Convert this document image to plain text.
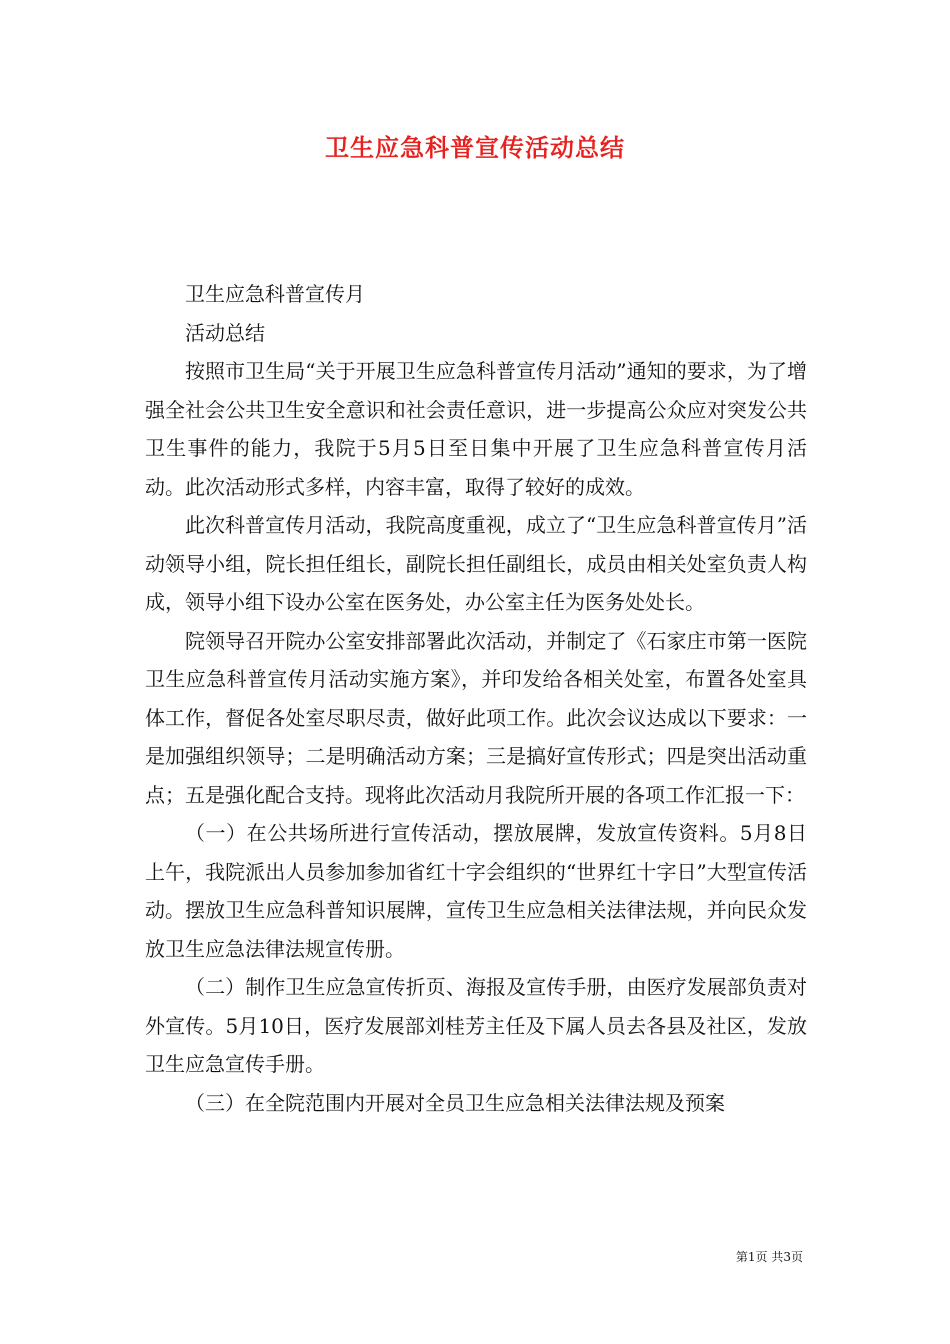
卫生应急科普宣传活动总结

卫生应急科普宣传月

活动总结

按照市卫生局“关于开展卫生应急科普宣传月活动”通知的要求，为了增强全社会公共卫生安全意识和社会责任意识，进一步提高公众应对突发公共卫生事件的能力，我院于5月5日至日集中开展了卫生应急科普宣传月活动。此次活动形式多样，内容丰富，取得了较好的成效。

此次科普宣传月活动，我院高度重视，成立了“卫生应急科普宣传月”活动领导小组，院长担任组长，副院长担任副组长，成员由相关处室负责人构成，领导小组下设办公室在医务处，办公室主任为医务处处长。

院领导召开院办公室安排部署此次活动，并制定了《石家庄市第一医院卫生应急科普宣传月活动实施方案》，并印发给各相关处室，布置各处室具体工作，督促各处室尽职尽责，做好此项工作。此次会议达成以下要求：一是加强组织领导；二是明确活动方案；三是搞好宣传形式；四是突出活动重点；五是强化配合支持。现将此次活动月我院所开展的各项工作汇报一下：

（一）在公共场所进行宣传活动，摆放展牌，发放宣传资料。5月8日上午，我院派出人员参加参加省红十字会组织的“世界红十字日”大型宣传活动。摆放卫生应急科普知识展牌，宣传卫生应急相关法律法规，并向民众发放卫生应急法律法规宣传册。

（二）制作卫生应急宣传折页、海报及宣传手册，由医疗发展部负责对外宣传。5月10日，医疗发展部刘桂芳主任及下属人员去各县及社区，发放卫生应急宣传手册。

（三）在全院范围内开展对全员卫生应急相关法律法规及预案

第1页 共3页
